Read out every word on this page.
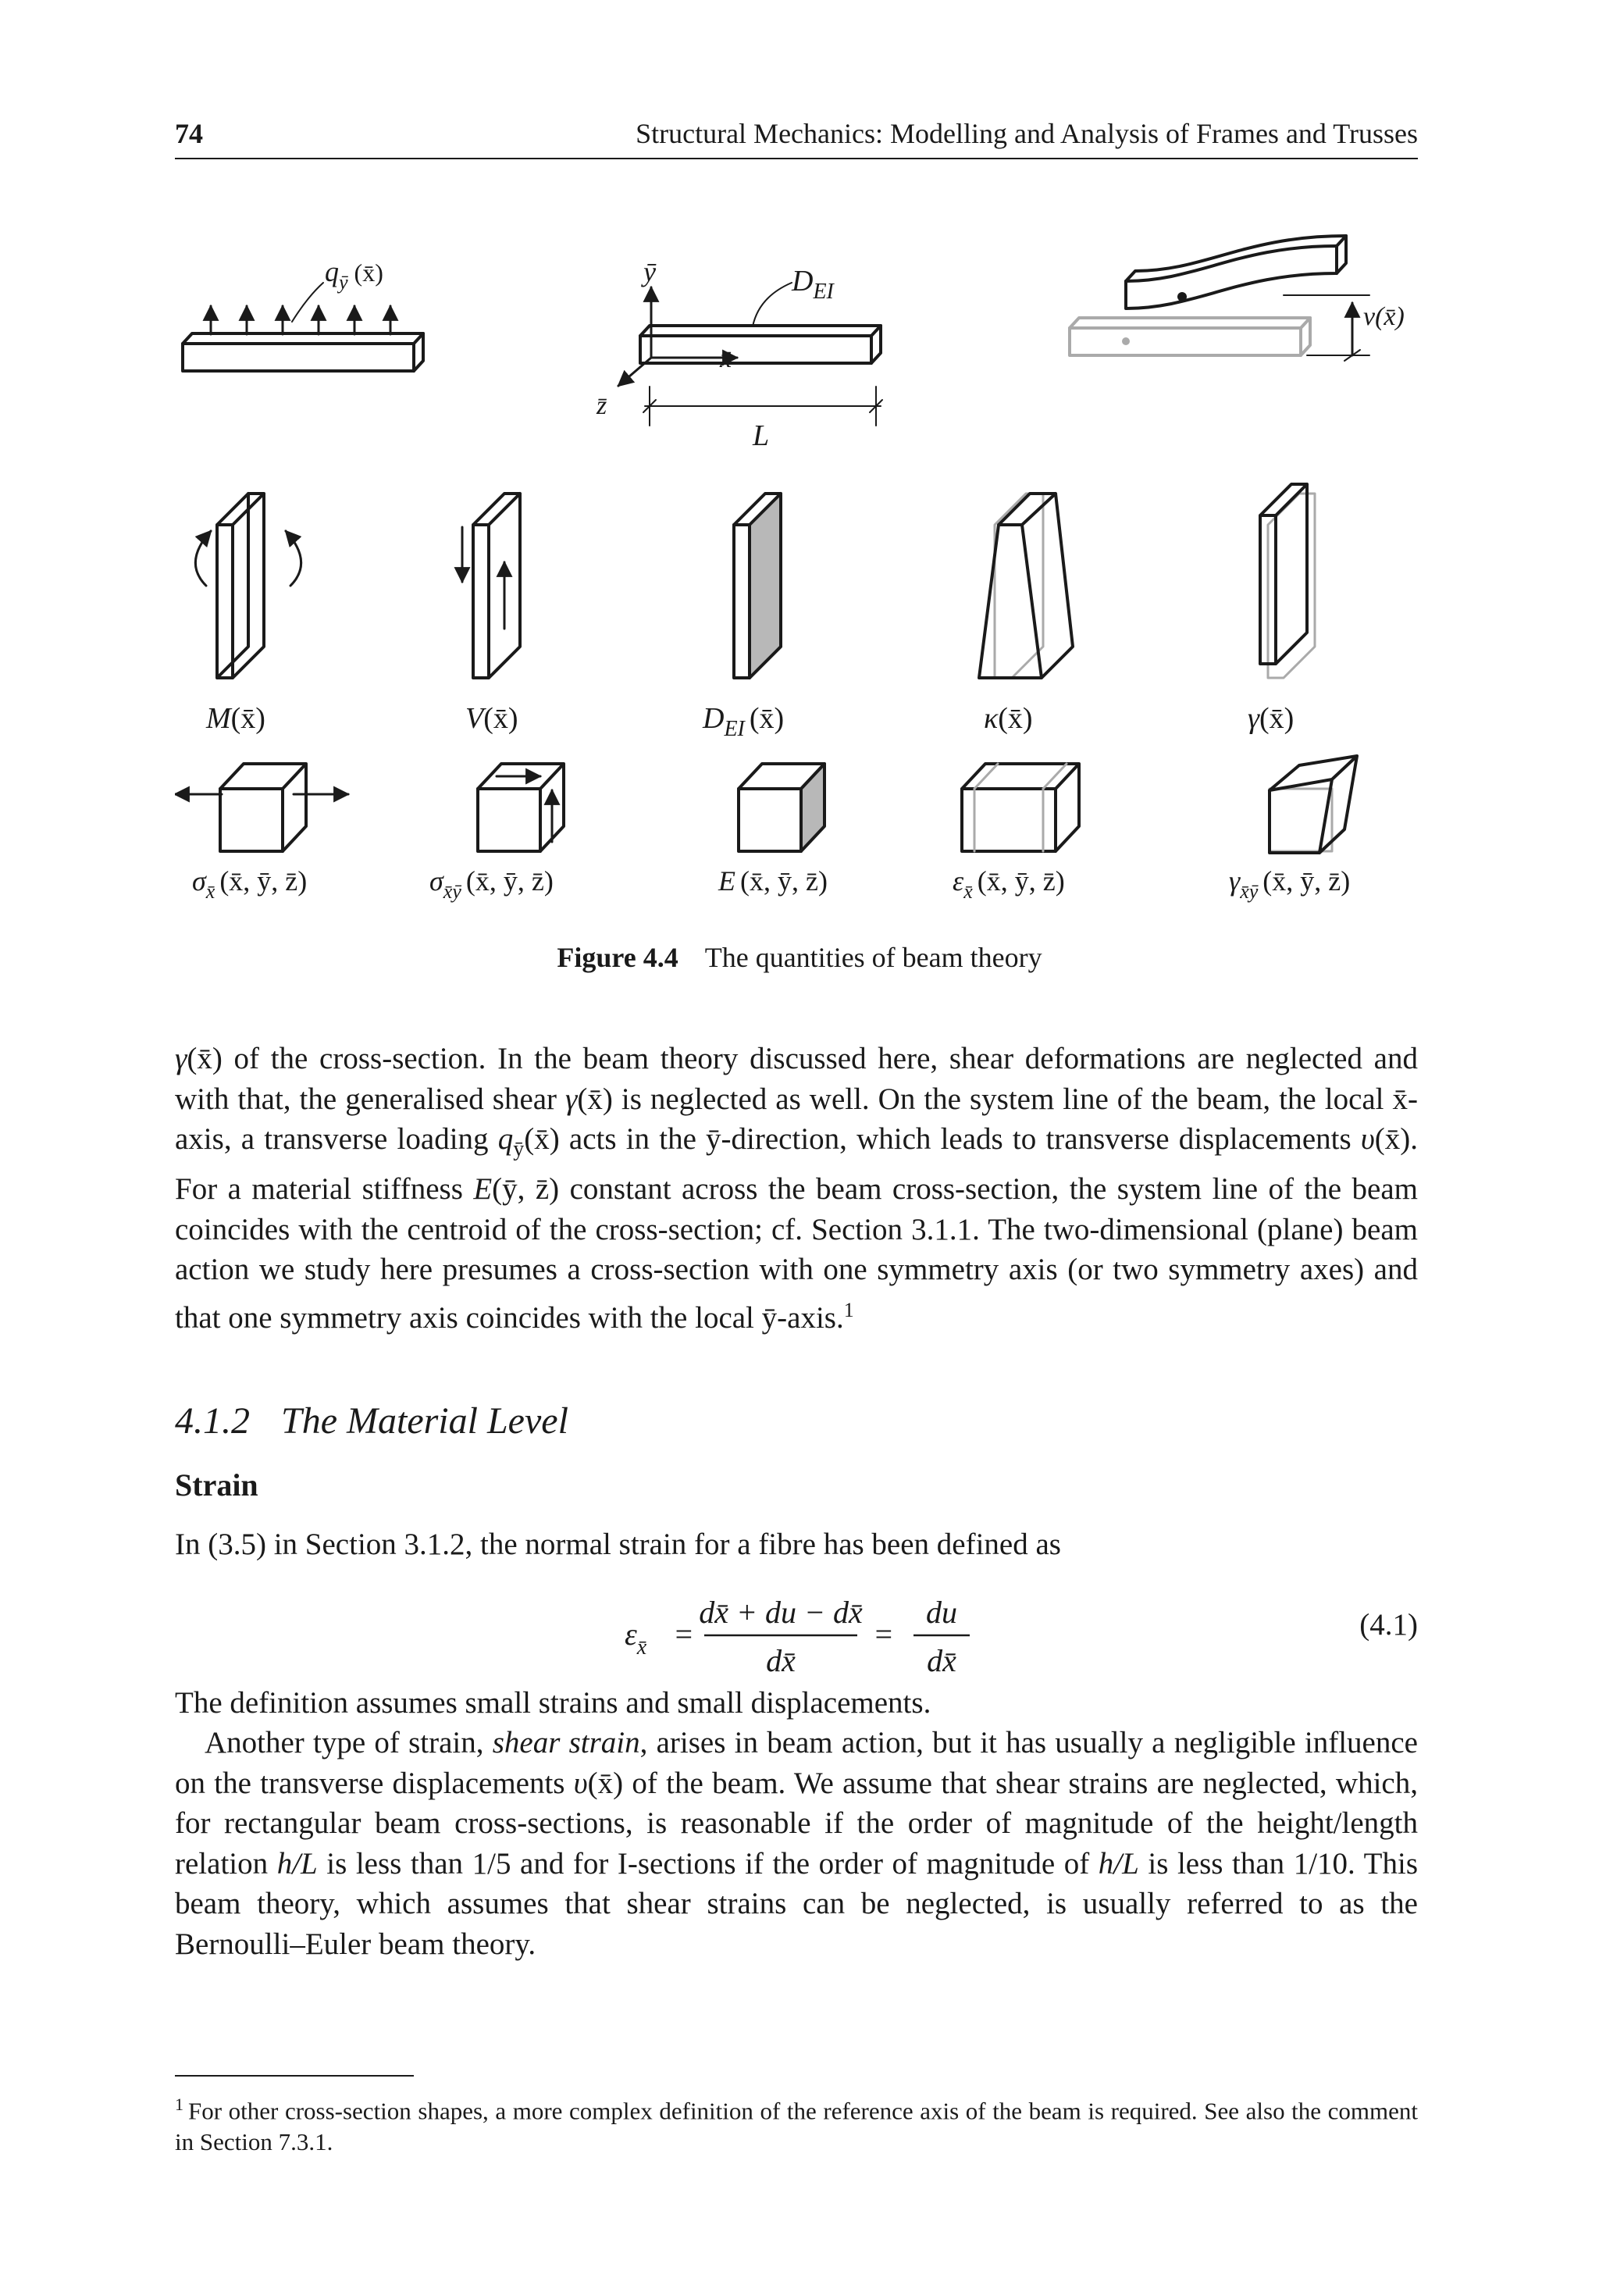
74	Structural Mechanics: Modelling and Analysis of Frames and Trusses
$q_ȳ$ (x̄)	ȳ
x̄
z̄
$D_{EI}$
L
v(x̄)
M(x̄)	V(x̄)	$D_{EI}$ (x̄)	κ(x̄)	γ(x̄)
$\sigma_{x̄}$ (x̄, ȳ, z̄)	$\sigma_{x̄ȳ}$ (x̄, ȳ, z̄)	E (x̄, ȳ, z̄)	$\varepsilon_{x̄}$ (x̄, ȳ, z̄)	$\gamma_{x̄ȳ}$ (x̄, ȳ, z̄)
Figure 4.4 The quantities of beam theory

γ(x̄) of the cross-section. In the beam theory discussed here, shear deformations are neglected and with that, the generalised shear γ(x̄) is neglected as well. On the system line of the beam, the local x̄-axis, a transverse loading $q_ȳ(x̄)$ acts in the ȳ-direction, which leads to transverse displacements υ(x̄). For a material stiffness E(ȳ, z̄) constant across the beam cross-section, the system line of the beam coincides with the centroid of the cross-section; cf. Section 3.1.1. The two-dimensional (plane) beam action we study here presumes a cross-section with one symmetry axis (or two symmetry axes) and that one symmetry axis coincides with the local ȳ-axis.$^1$

4.1.2 The Material Level
Strain
In (3.5) in Section 3.1.2, the normal strain for a fibre has been defined as
$\varepsilon_{x̄}$ =
dx̄ + du − dx̄
dx̄
=
du
dx̄
(4.1)

The definition assumes small strains and small displacements.

Another type of strain, shear strain, arises in beam action, but it has usually a negligible influence on the transverse displacements υ(x̄) of the beam. We assume that shear strains are neglected, which, for rectangular beam cross-sections, is reasonable if the order of magnitude of the height/length relation h/L is less than 1/5 and for I-sections if the order of magnitude of h/L is less than 1/10. This beam theory, which assumes that shear strains can be neglected, is usually referred to as the Bernoulli–Euler beam theory.

$^1$ For other cross-section shapes, a more complex definition of the reference axis of the beam is required. See also the comment in Section 7.3.1.
